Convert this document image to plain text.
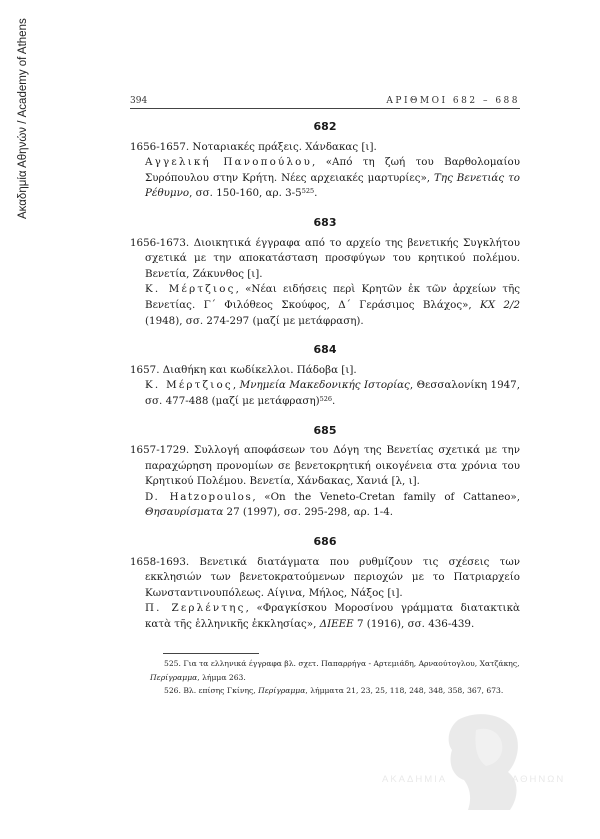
Ακαδημία Αθηνών / Academy of Athens	394	ΑΡΙΘΜΟΙ 682 – 688
682
1656-1657. Νοταριακές πράξεις. Χάνδακας [ι].
Αγγελική Πανοπούλου, «Από τη ζωή του Βαρθολομαίου Συρόπουλου στην Κρήτη. Νέες αρχειακές μαρτυρίες», Της Βενετιάς το Ρέθυμνο, σσ. 150-160, αρ. $3-5^{525}$.
683
1656-1673. Διοικητικά έγγραφα από το αρχείο της βενετικής Συγκλήτου σχετικά με την αποκατάσταση προσφύγων του κρητικού πολέμου. Βενετία, Ζάκυνθος [ι].
Κ. Μέρτζιος, «Νέαι ειδήσεις περὶ Κρητῶν ἐκ τῶν ἀρχείων τῆς Βενετίας. Γ´ Φιλόθεος Σκούφος, Δ´ Γεράσιμος Βλάχος», ΚΧ 2/2 (1948), σσ. 274-297 (μαζί με μετάφραση).
684
1657. Διαθήκη και κωδίκελλοι. Πάδοβα [ι].
Κ. Μέρτζιος, Μνημεία Μακεδονικής Ιστορίας, Θεσσαλονίκη 1947, σσ. 477-488 (μαζί με μετάφραση)$^{526}$.
685
1657-1729. Συλλογή αποφάσεων του Δόγη της Βενετίας σχετικά με την παραχώρηση προνομίων σε βενετοκρητική οικογένεια στα χρόνια του Κρητικού Πολέμου. Βενετία, Χάνδακας, Χανιά [λ, ι].
D. Hatzopoulos, «On the Veneto-Cretan family of Cattaneo», Θησαυρίσματα 27 (1997), σσ. 295-298, αρ. 1-4.
686
1658-1693. Βενετικά διατάγματα που ρυθμίζουν τις σχέσεις των εκκλησιών των βενετοκρατούμενων περιοχών με το Πατριαρχείο Κωνσταντινουπόλεως. Αίγινα, Μήλος, Νάξος [ι].
Π. Ζερλέντης, «Φραγκίσκου Μοροσίνου γράμματα διατακτικὰ κατὰ τῆς ἑλληνικῆς ἐκκλησίας», ΔΙΕΕΕ 7 (1916), σσ. 436-439.
525. Για τα ελληνικά έγγραφα βλ. σχετ. Παπαρρήγα - Αρτεμιάδη, Αρναούτογλου, Χατζάκης, Περίγραμμα, λήμμα 263.
526. Βλ. επίσης Γκίνης, Περίγραμμα, λήμματα 21, 23, 25, 118, 248, 348, 358, 367, 673.
ΑΚΑΔΗΜΙΑ	ΑΘΗΝΩΝ
